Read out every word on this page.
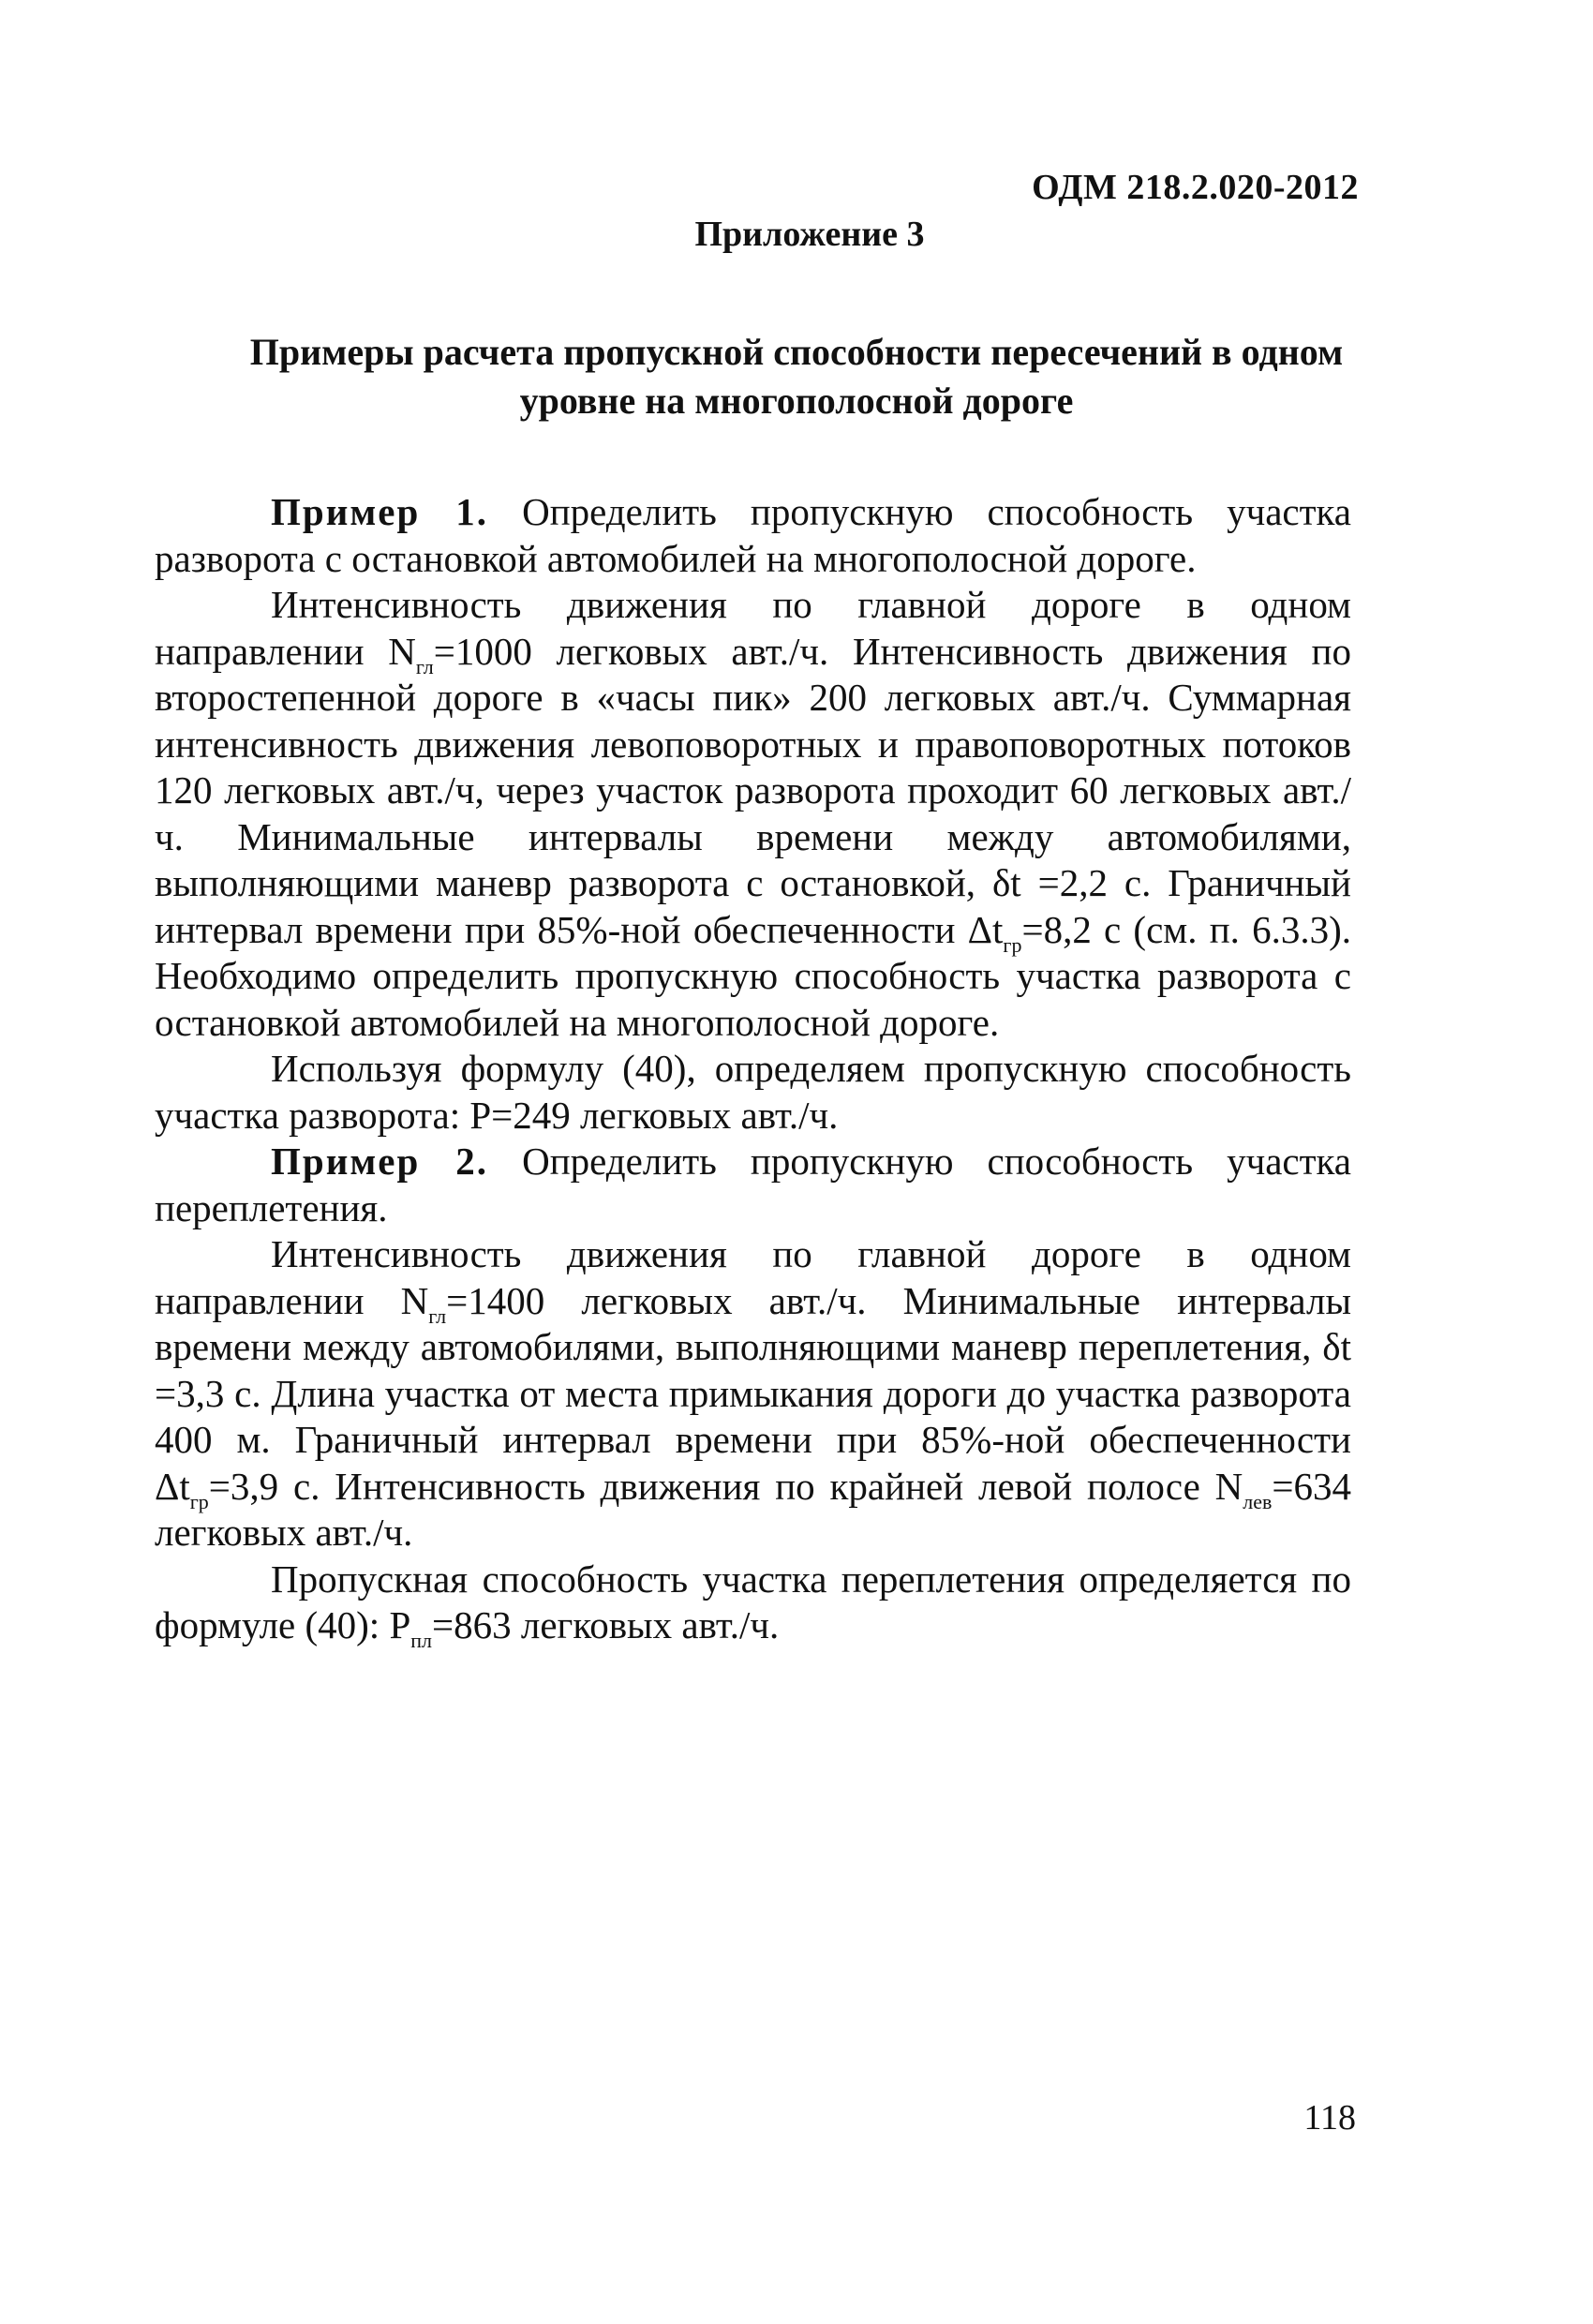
ОДМ 218.2.020-2012
Приложение 3
Примеры расчета пропускной способности пересечений в одном
уровне на многополосной дороге

Пример 1. Определить пропускную способность участка разворота с остановкой автомобилей на многополосной дороге.

Интенсивность движения по главной дороге в одном направлении $N_{гл}=1000$ легковых авт./ч. Интенсивность движения по второстепенной дороге в «часы пик» 200 легковых авт./ч. Суммарная интенсивность движения левоповоротных и правоповоротных потоков 120 легковых авт./ч, через участок разворота проходит 60 легковых авт./ч. Минимальные интервалы времени между автомобилями, выполняющими маневр разворота с остановкой, δt =2,2 с. Граничный интервал времени при 85%-ной обеспеченности $\Delta t_{гр}=8,2$ с (см. п. 6.3.3). Необходимо определить пропускную способность участка разворота с остановкой автомобилей на многополосной дороге.

Используя формулу (40), определяем пропускную способность участка разворота: Р=249 легковых авт./ч.

Пример 2. Определить пропускную способность участка переплетения.

Интенсивность движения по главной дороге в одном направлении $N_{гл}=1400$ легковых авт./ч. Минимальные интервалы времени между автомобилями, выполняющими маневр переплетения, δt =3,3 с. Длина участка от места примыкания дороги до участка разворота 400 м. Граничный интервал времени при 85%-ной обеспеченности $\Delta t_{гр}=3,9$ с. Интенсивность движения по крайней левой полосе $N_{лев}=634$ легковых авт./ч.

Пропускная способность участка переплетения определяется по формуле (40): $Р_{пл}=863$ легковых авт./ч.

118
